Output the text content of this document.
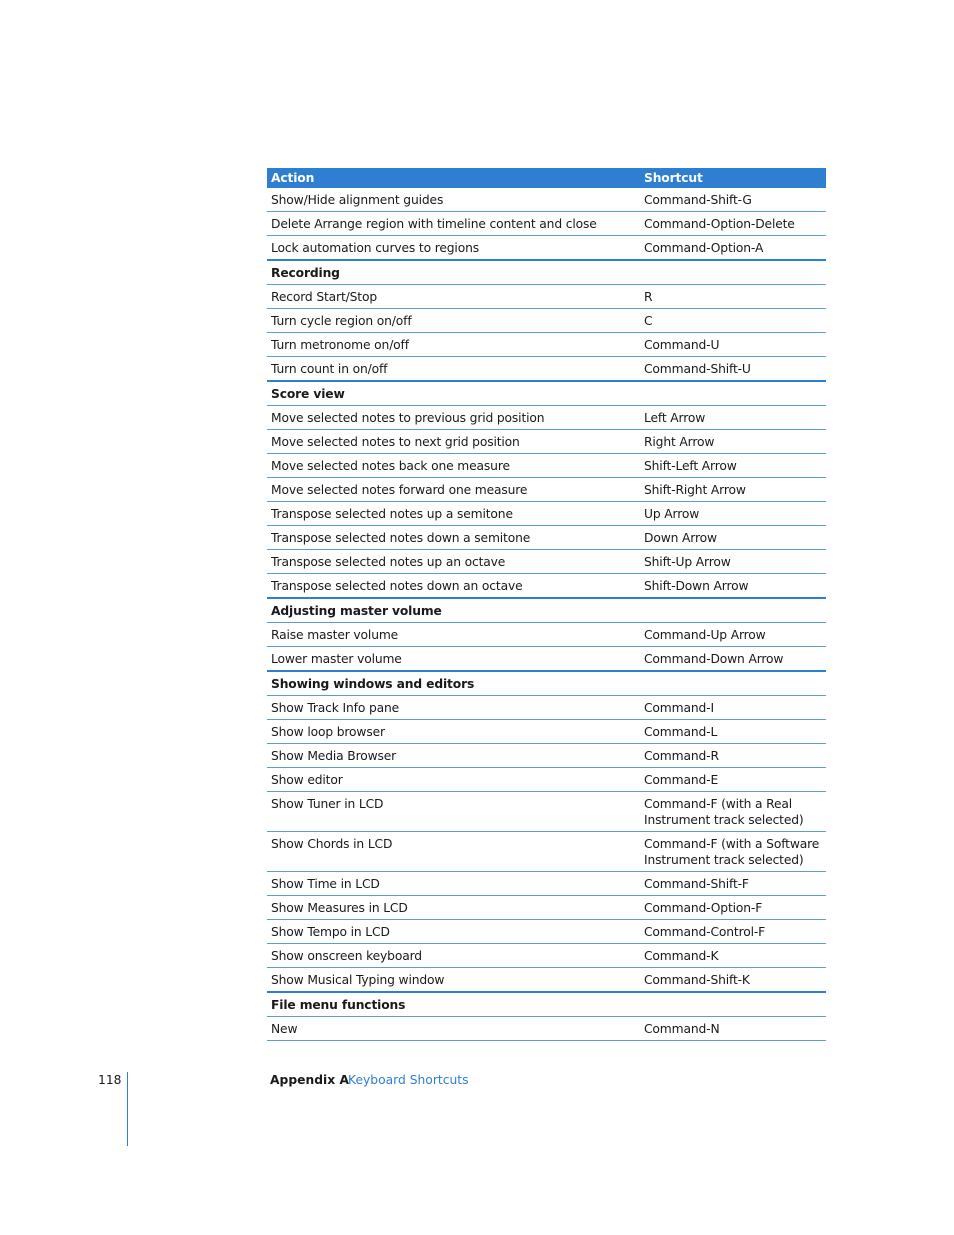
Action	Shortcut
Show/Hide alignment guides	Command-Shift-G
Delete Arrange region with timeline content and close	Command-Option-Delete
Lock automation curves to regions	Command-Option-A
Recording
Record Start/Stop	R
Turn cycle region on/off	C
Turn metronome on/off	Command-U
Turn count in on/off	Command-Shift-U
Score view
Move selected notes to previous grid position	Left Arrow
Move selected notes to next grid position	Right Arrow
Move selected notes back one measure	Shift-Left Arrow
Move selected notes forward one measure	Shift-Right Arrow
Transpose selected notes up a semitone	Up Arrow
Transpose selected notes down a semitone	Down Arrow
Transpose selected notes up an octave	Shift-Up Arrow
Transpose selected notes down an octave	Shift-Down Arrow
Adjusting master volume
Raise master volume	Command-Up Arrow
Lower master volume	Command-Down Arrow
Showing windows and editors
Show Track Info pane	Command-I
Show loop browser	Command-L
Show Media Browser	Command-R
Show editor	Command-E
Show Tuner in LCD	Command-F (with a Real Instrument track selected)
Show Chords in LCD	Command-F (with a Software Instrument track selected)
Show Time in LCD	Command-Shift-F
Show Measures in LCD	Command-Option-F
Show Tempo in LCD	Command-Control-F
Show onscreen keyboard	Command-K
Show Musical Typing window	Command-Shift-K
File menu functions
New	Command-N
118	Appendix A Keyboard Shortcuts
